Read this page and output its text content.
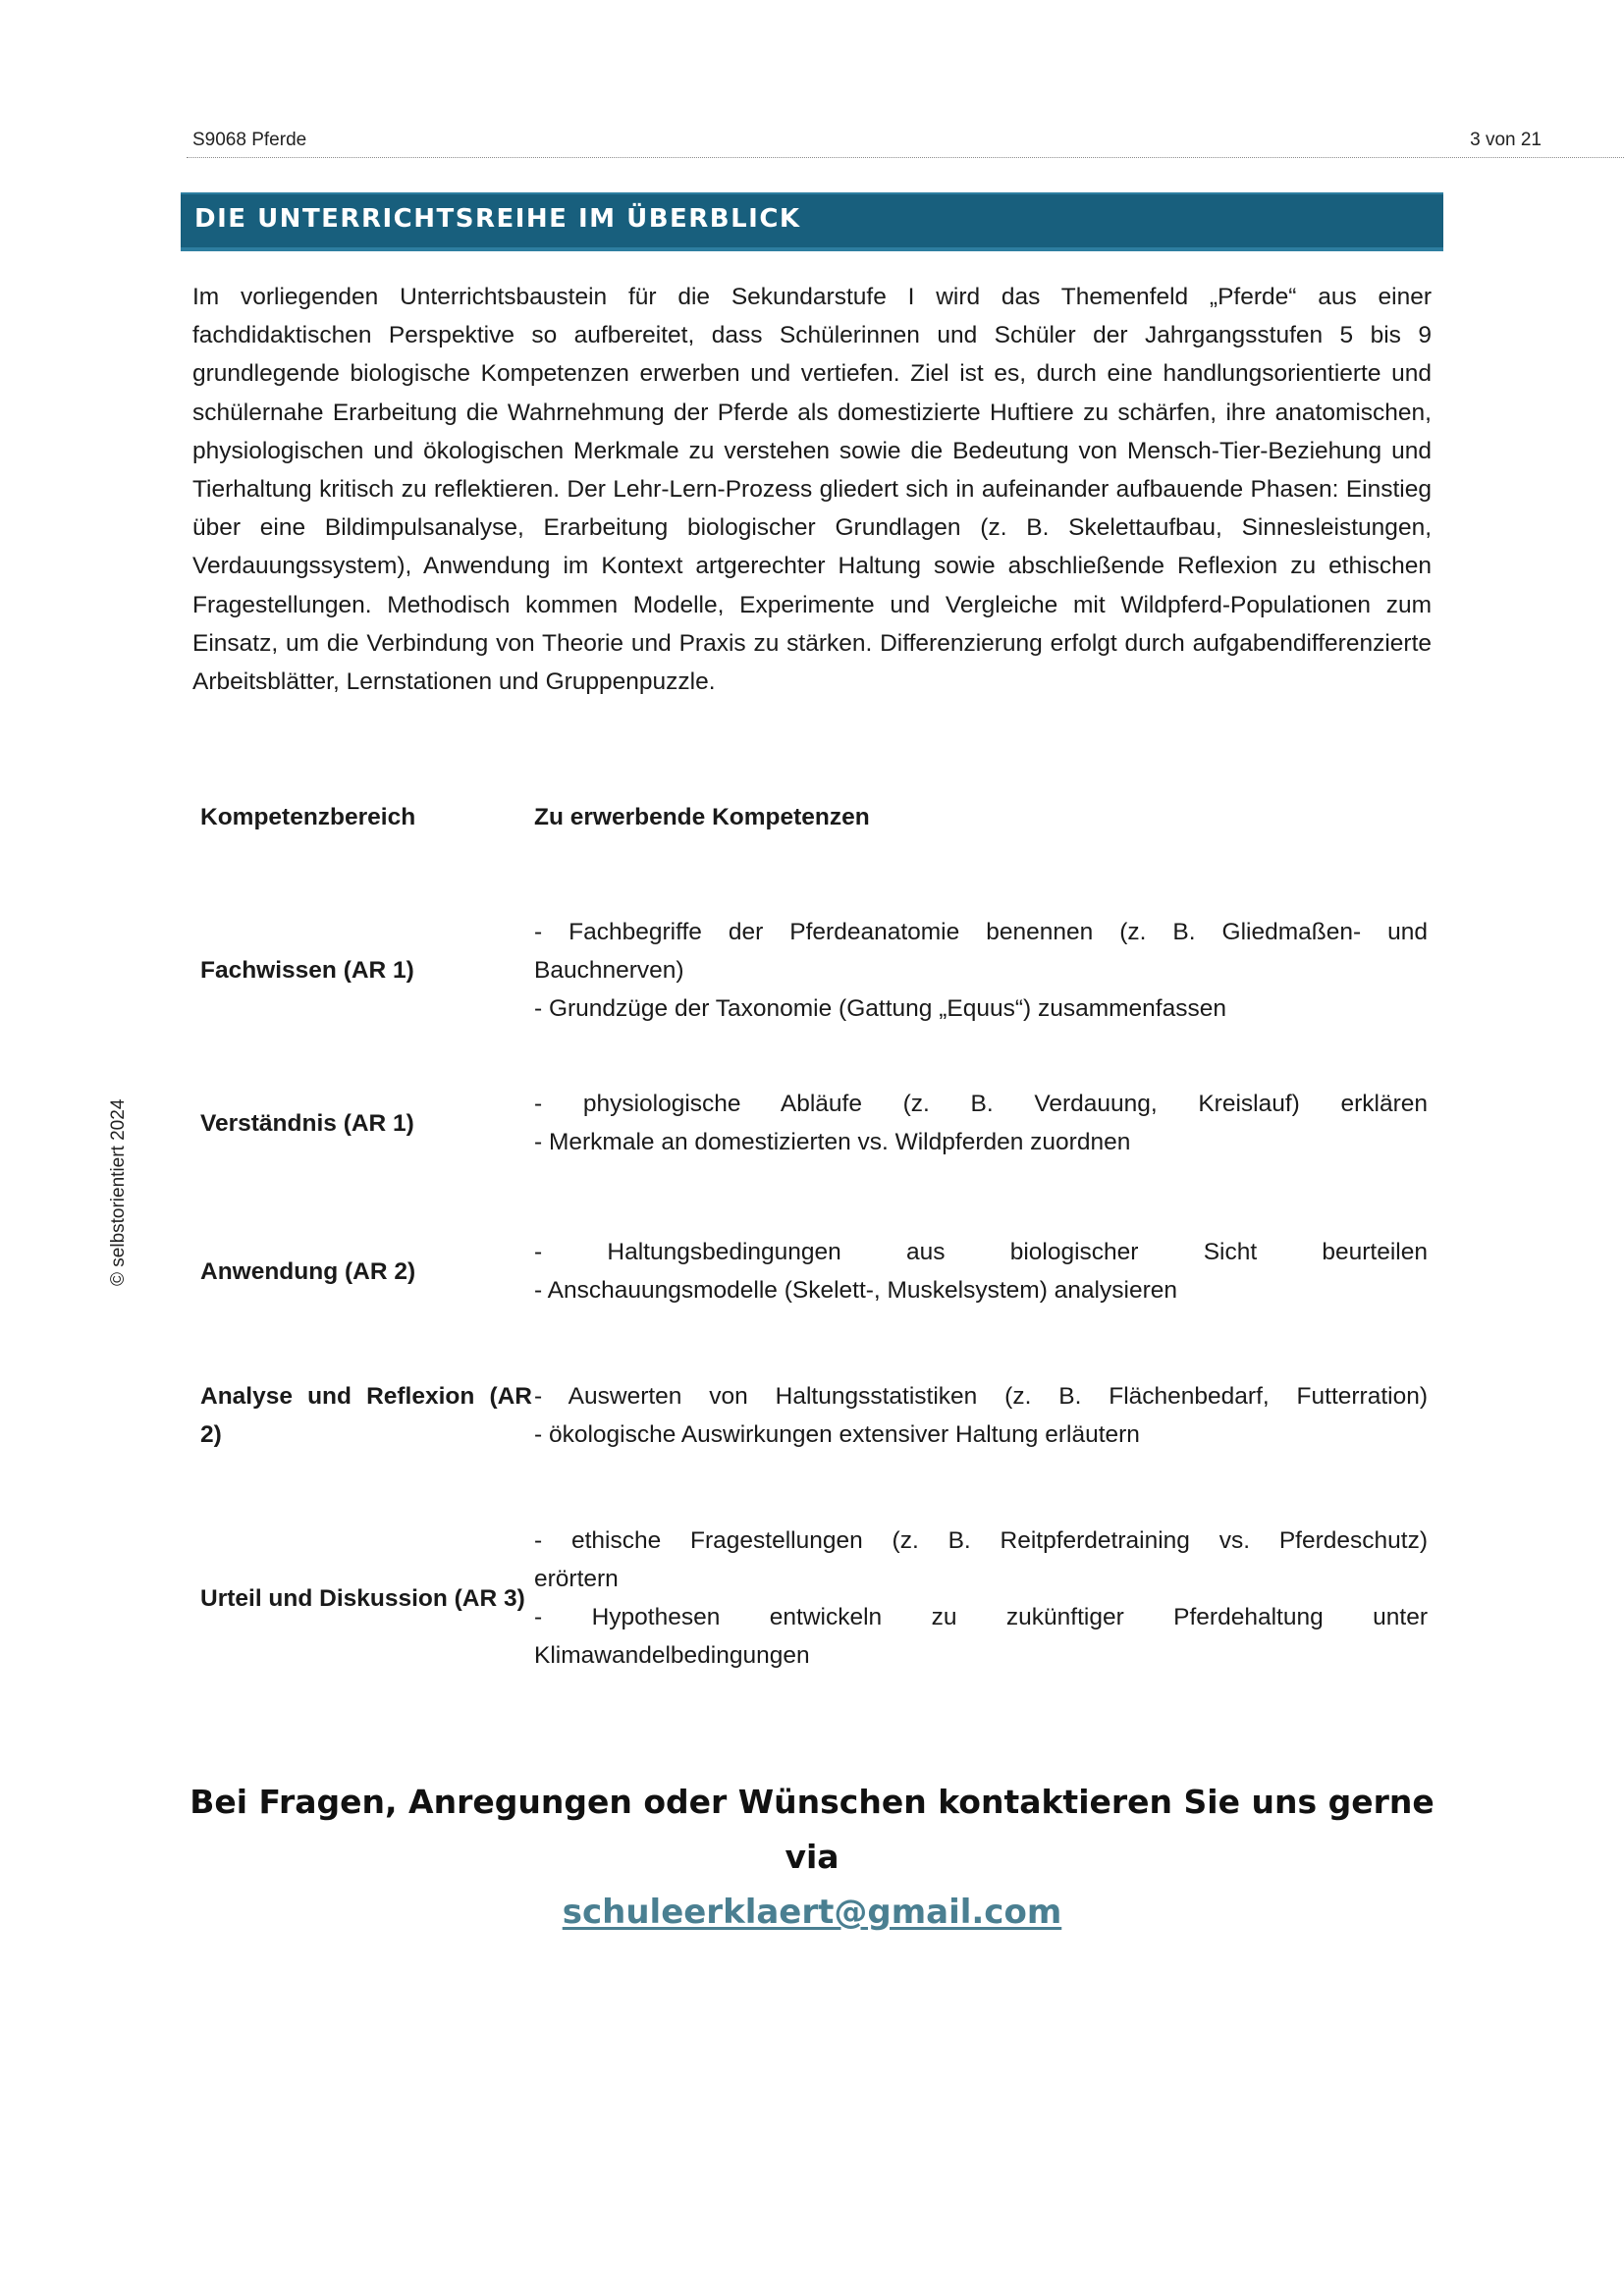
S9068 Pferde	3 von 21
DIE UNTERRICHTSREIHE IM ÜBERBLICK
Im vorliegenden Unterrichtsbaustein für die Sekundarstufe I wird das Themenfeld „Pferde“ aus einer fachdidaktischen Perspektive so aufbereitet, dass Schülerinnen und Schüler der Jahrgangsstufen 5 bis 9 grundlegende biologische Kompetenzen erwerben und vertiefen. Ziel ist es, durch eine handlungsorientierte und schülernahe Erarbeitung die Wahrnehmung der Pferde als domestizierte Huftiere zu schärfen, ihre anatomischen, physiologischen und ökologischen Merkmale zu verstehen sowie die Bedeutung von Mensch-Tier-Beziehung und Tierhaltung kritisch zu reflektieren. Der Lehr-Lern-Prozess gliedert sich in aufeinander aufbauende Phasen: Einstieg über eine Bildimpulsanalyse, Erarbeitung biologischer Grundlagen (z. B. Skelettaufbau, Sinnesleistungen, Verdauungssystem), Anwendung im Kontext artgerechter Haltung sowie abschließende Reflexion zu ethischen Fragestellungen. Methodisch kommen Modelle, Experimente und Vergleiche mit Wildpferd-Populationen zum Einsatz, um die Verbindung von Theorie und Praxis zu stärken. Differenzierung erfolgt durch aufgabendifferenzierte Arbeitsblätter, Lernstationen und Gruppenpuzzle.
Kompetenzbereich	Zu erwerbende Kompetenzen
Fachwissen (AR 1)
- Fachbegriffe der Pferdeanatomie benennen (z. B. Gliedmaßen- und
Bauchnerven)
- Grundzüge der Taxonomie (Gattung „Equus“) zusammenfassen
Verständnis (AR 1)
- physiologische Abläufe (z. B. Verdauung, Kreislauf) erklären
- Merkmale an domestizierten vs. Wildpferden zuordnen
Anwendung (AR 2)
- Haltungsbedingungen aus biologischer Sicht beurteilen
- Anschauungsmodelle (Skelett-, Muskelsystem) analysieren
Analyse und Reflexion (AR 2)
- Auswerten von Haltungsstatistiken (z. B. Flächenbedarf, Futterration)
- ökologische Auswirkungen extensiver Haltung erläutern
Urteil und Diskussion (AR 3)
- ethische Fragestellungen (z. B. Reitpferdetraining vs. Pferdeschutz)
erörtern
- Hypothesen entwickeln zu zukünftiger Pferdehaltung unter
Klimawandelbedingungen
Bei Fragen, Anregungen oder Wünschen kontaktieren Sie uns gerne via
schuleerklaert@gmail.com
© selbstorientiert 2024
